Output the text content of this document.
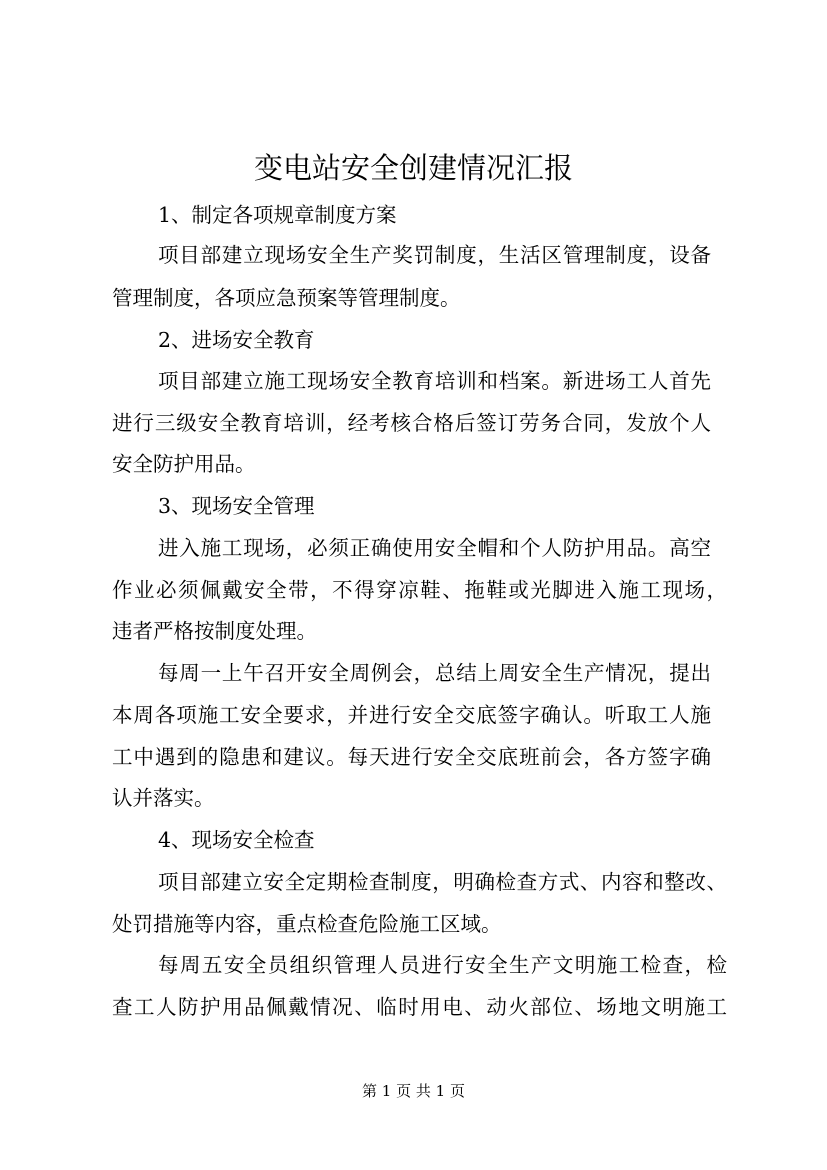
变电站安全创建情况汇报
1、制定各项规章制度方案
项目部建立现场安全生产奖罚制度，生活区管理制度，设备
管理制度，各项应急预案等管理制度。
2、进场安全教育
项目部建立施工现场安全教育培训和档案。新进场工人首先
进行三级安全教育培训，经考核合格后签订劳务合同，发放个人
安全防护用品。
3、现场安全管理
进入施工现场，必须正确使用安全帽和个人防护用品。高空
作业必须佩戴安全带，不得穿凉鞋、拖鞋或光脚进入施工现场，
违者严格按制度处理。
每周一上午召开安全周例会，总结上周安全生产情况，提出
本周各项施工安全要求，并进行安全交底签字确认。听取工人施
工中遇到的隐患和建议。每天进行安全交底班前会，各方签字确
认并落实。
4、现场安全检查
项目部建立安全定期检查制度，明确检查方式、内容和整改、
处罚措施等内容，重点检查危险施工区域。
每周五安全员组织管理人员进行安全生产文明施工检查，检
查工人防护用品佩戴情况、临时用电、动火部位、场地文明施工
第 1 页 共 1 页
